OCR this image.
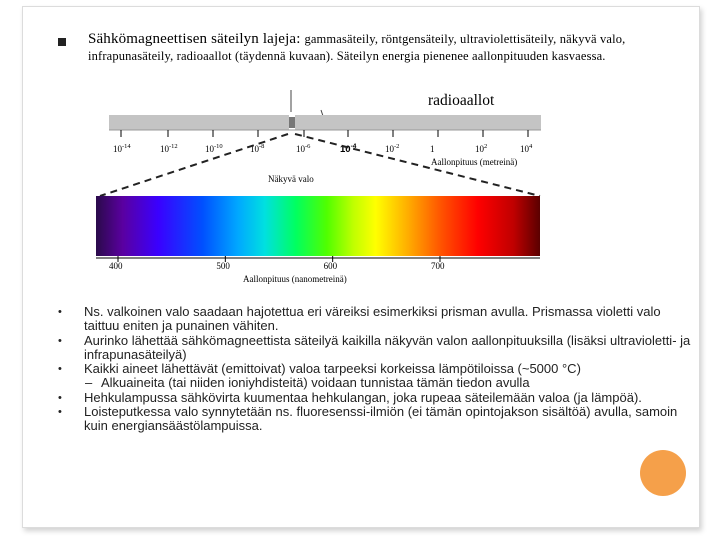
Sähkömagneettisen säteilyn lajeja: gammasäteily, röntgensäteily, ultraviolettisäteily, näkyvä valo, infrapunasäteily, radioaallot (täydennä kuvaan). Säteilyn energia pienenee aallonpituuden kasvaessa.
$10^{-14}$	$10^{-12}$	$10^{-10}$	$10^{-8}$	$10^{-6}$	$10^{-4}$	$10^{-2}$	1	$10^2$	$10^4$
Aallonpituus (metreinä)
Näkyvä valo
400	500	600	700
Aallonpituus (nanometreinä)
radioaallot
• Ns. valkoinen valo saadaan hajotettua eri väreiksi esimerkiksi prisman avulla. Prismassa violetti valo taittuu eniten ja punainen vähiten.
• Aurinko lähettää sähkömagneettista säteilyä kaikilla näkyvän valon aallonpituuksilla (lisäksi ultravioletti- ja infrapunasäteilyä)
• Kaikki aineet lähettävät (emittoivat) valoa tarpeeksi korkeissa lämpötiloissa (~5000 °C)
– Alkuaineita (tai niiden ioniyhdisteitä) voidaan tunnistaa tämän tiedon avulla
• Hehkulampussa sähkövirta kuumentaa hehkulangan, joka rupeaa säteilemään valoa (ja lämpöä).
• Loisteputkessa valo synnytetään ns. fluoresenssi-ilmiön (ei tämän opintojakson sisältöä) avulla, samoin kuin energiansäästölampuissa.
